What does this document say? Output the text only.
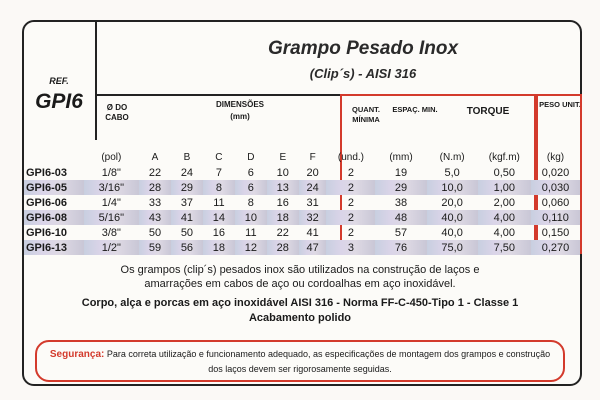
Grampo Pesado Inox
(Clip´s) - AISI 316
REF.
GPI6	Ø DO CABO
DIMENSÕES
(mm)
QUANT. MÍNIMA
ESPAÇ. MIN.	TORQUE
PESO UNIT.
	(pol)	A	B	C	D	E	F	(und.)	(mm)	(N.m)	(kgf.m)	(kg)
GPI6-03	1/8"	22	24	7	6	10	20	2	19	5,0	0,50	0,020
GPI6-05	3/16"	28	29	8	6	13	24	2	29	10,0	1,00	0,030
GPI6-06	1/4"	33	37	11	8	16	31	2	38	20,0	2,00	0,060
GPI6-08	5/16"	43	41	14	10	18	32	2	48	40,0	4,00	0,110
GPI6-10	3/8"	50	50	16	11	22	41	2	57	40,0	4,00	0,150
GPI6-13	1/2"	59	56	18	12	28	47	3	76	75,0	7,50	0,270
Os grampos (clip´s) pesados inox são utilizados na construção de laços e
amarrações em cabos de aço ou cordoalhas em aço inoxidável.
Corpo, alça e porcas em aço inoxidável AISI 316 - Norma FF-C-450-Tipo 1 - Classe 1
Acabamento polido
Segurança: Para correta utilização e funcionamento adequado, as especificações de montagem dos grampos e construção dos laços devem ser rigorosamente seguidas.
